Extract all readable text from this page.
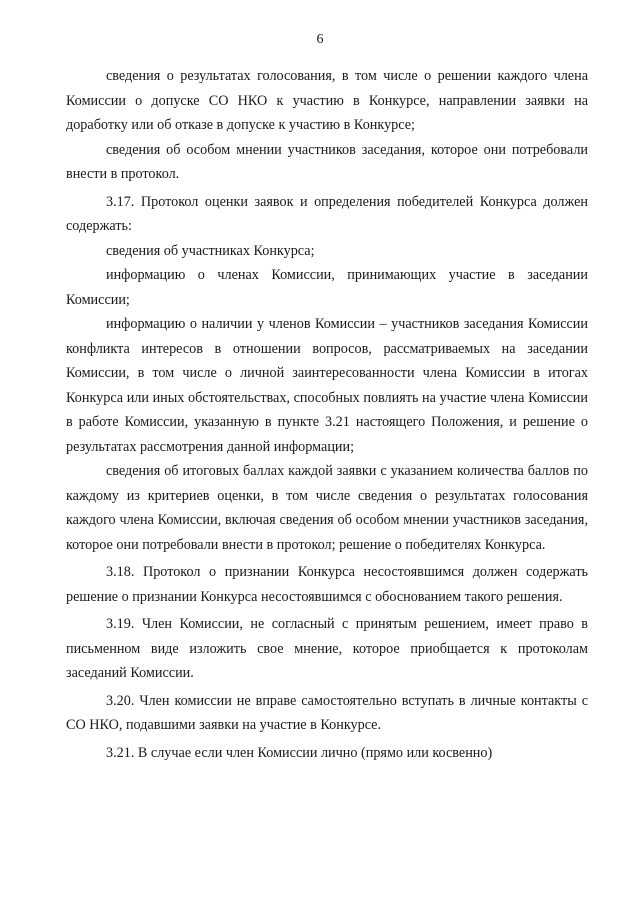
6

сведения о результатах голосования, в том числе о решении каждого члена Комиссии о допуске СО НКО к участию в Конкурсе, направлении заявки на доработку или об отказе в допуске к участию в Конкурсе;

сведения об особом мнении участников заседания, которое они потребовали внести в протокол.

3.17. Протокол оценки заявок и определения победителей Конкурса должен содержать:

сведения об участниках Конкурса;

информацию о членах Комиссии, принимающих участие в заседании Комиссии;

информацию о наличии у членов Комиссии – участников заседания Комиссии конфликта интересов в отношении вопросов, рассматриваемых на заседании Комиссии, в том числе о личной заинтересованности члена Комиссии в итогах Конкурса или иных обстоятельствах, способных повлиять на участие члена Комиссии в работе Комиссии, указанную в пункте 3.21 настоящего Положения, и решение о результатах рассмотрения данной информации;

сведения об итоговых баллах каждой заявки с указанием количества баллов по каждому из критериев оценки, в том числе сведения о результатах голосования каждого члена Комиссии, включая сведения об особом мнении участников заседания, которое они потребовали внести в протокол; решение о победителях Конкурса.

3.18. Протокол о признании Конкурса несостоявшимся должен содержать решение о признании Конкурса несостоявшимся с обоснованием такого решения.

3.19. Член Комиссии, не согласный с принятым решением, имеет право в письменном виде изложить свое мнение, которое приобщается к протоколам заседаний Комиссии.

3.20. Член комиссии не вправе самостоятельно вступать в личные контакты с СО НКО, подавшими заявки на участие в Конкурсе.

3.21. В случае если член Комиссии лично (прямо или косвенно)
